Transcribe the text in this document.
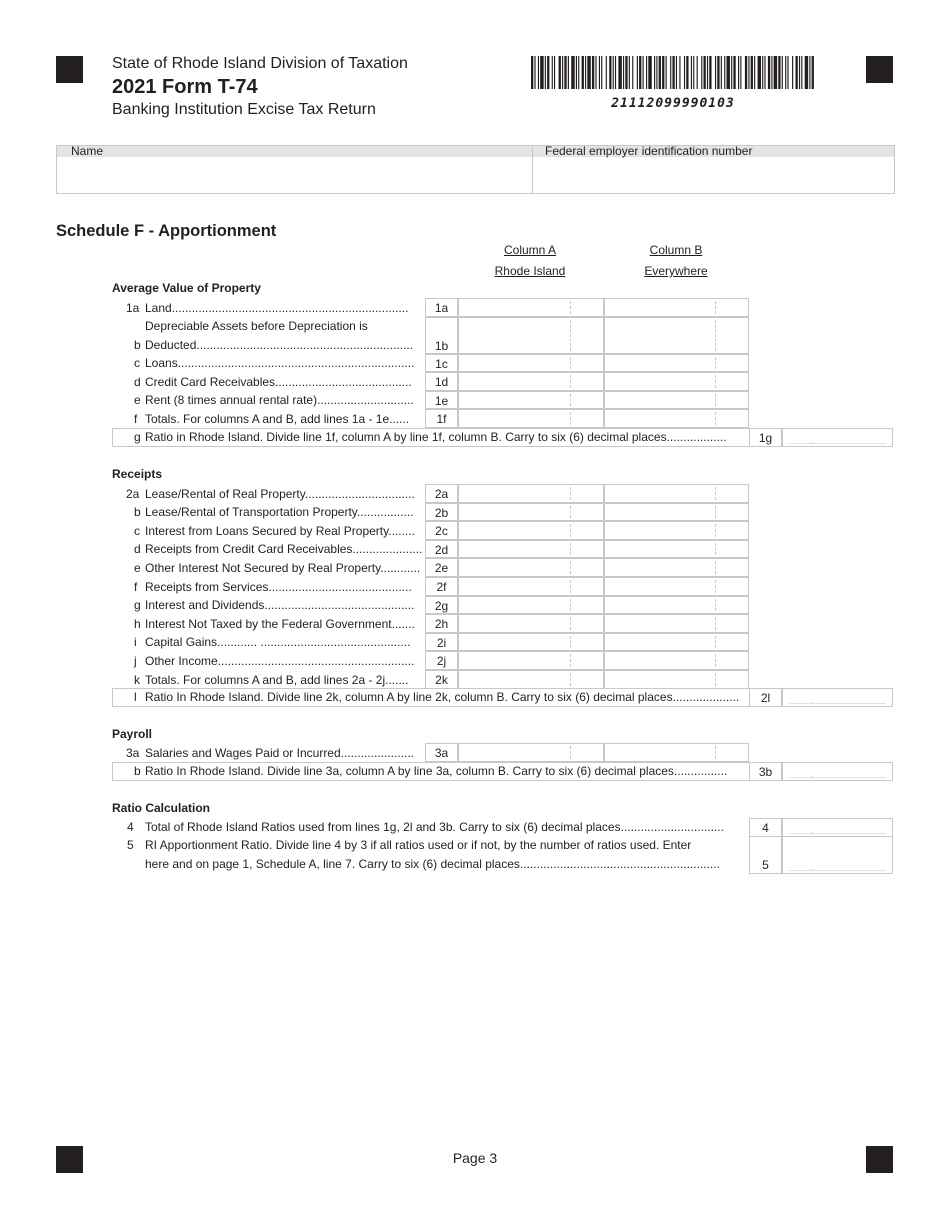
State of Rhode Island Division of Taxation
2021 Form T-74
Banking Institution Excise Tax Return	21112099990103
Name	Federal employer identification number
Schedule F - Apportionment
Column A
Rhode Island
Column B
Everywhere
Average Value of Property
1a Land.......................................................................	1a
b
Depreciable Assets before Depreciation is
Deducted.................................................................	1b
c Loans.......................................................................	1c
d Credit Card Receivables.........................................	1d
e Rent (8 times annual rental rate).............................	1e
f Totals. For columns A and B, add lines 1a - 1e......	1f
g Ratio in Rhode Island. Divide line 1f, column A by line 1f, column B. Carry to six (6) decimal places..................	1g	.
Receipts
2a Lease/Rental of Real Property.................................	2a
b Lease/Rental of Transportation Property.................	2b
c Interest from Loans Secured by Real Property........	2c
d Receipts from Credit Card Receivables.....................	2d
e Other Interest Not Secured by Real Property............	2e
f Receipts from Services...........................................	2f
g Interest and Dividends.............................................	2g
h Interest Not Taxed by the Federal Government.......	2h
i Capital Gains............ .............................................	2i
j Other Income...........................................................	2j
k Totals. For columns A and B, add lines 2a - 2j.......	2k
l Ratio In Rhode Island. Divide line 2k, column A by line 2k, column B. Carry to six (6) decimal places....................	2l	.
Payroll
3a Salaries and Wages Paid or Incurred......................	3a
b Ratio In Rhode Island. Divide line 3a, column A by line 3a, column B. Carry to six (6) decimal places................	3b	.
Ratio Calculation
4 Total of Rhode Island Ratios used from lines 1g, 2l and 3b. Carry to six (6) decimal places...............................	4	.
5 RI Apportionment Ratio. Divide line 4 by 3 if all ratios used or if not, by the number of ratios used. Enter
here and on page 1, Schedule A, line 7. Carry to six (6) decimal places............................................................	5	.
Page 3
